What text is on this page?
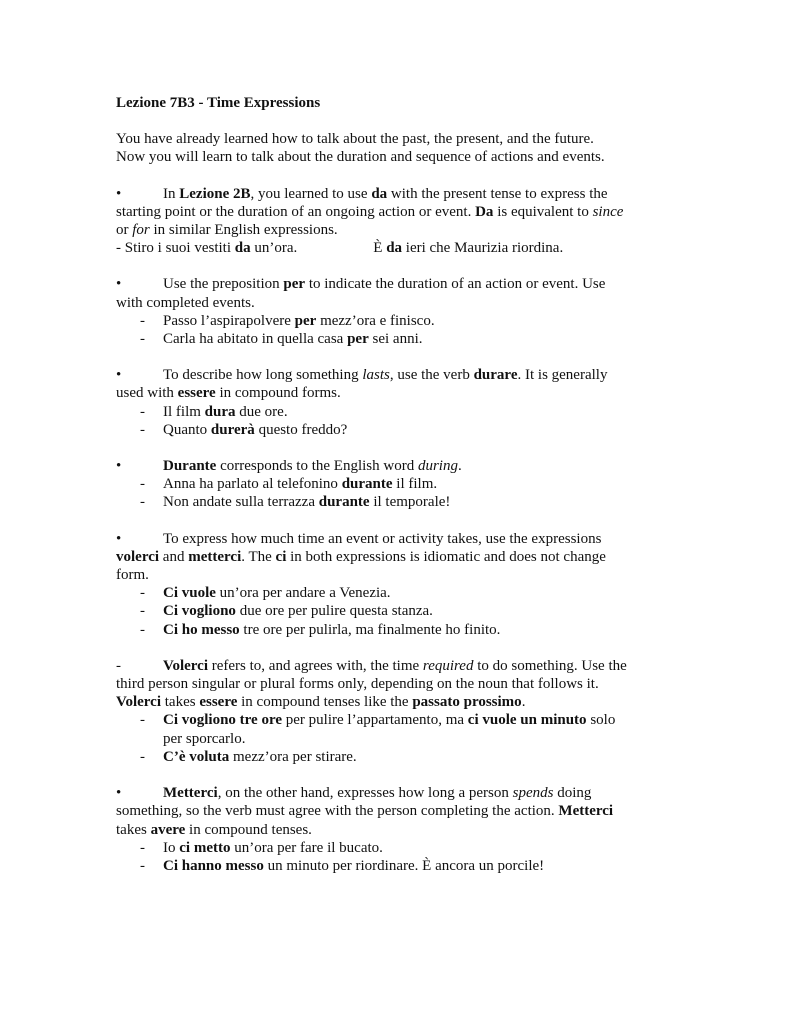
Lezione 7B3 - Time Expressions
You have already learned how to talk about the past, the present, and the future.
Now you will learn to talk about the duration and sequence of actions and events.
•	In Lezione 2B, you learned to use da with the present tense to express the
starting point or the duration of an ongoing action or event. Da is equivalent to since
or for in similar English expressions.
- Stiro i suoi vestiti da un’ora.	È da ieri che Maurizia riordina.
•	Use the preposition per to indicate the duration of an action or event. Use
with completed events.
- Passo l’aspirapolvere per mezz’ora e finisco.
- Carla ha abitato in quella casa per sei anni.
•	To describe how long something lasts, use the verb durare. It is generally
used with essere in compound forms.
- Il film dura due ore.
- Quanto durerà questo freddo?
•	Durante corresponds to the English word during.
- Anna ha parlato al telefonino durante il film.
- Non andate sulla terrazza durante il temporale!
•	To express how much time an event or activity takes, use the expressions
volerci and metterci. The ci in both expressions is idiomatic and does not change
form.
- Ci vuole un’ora per andare a Venezia.
- Ci vogliono due ore per pulire questa stanza.
- Ci ho messo tre ore per pulirla, ma finalmente ho finito.
-	Volerci refers to, and agrees with, the time required to do something. Use the
third person singular or plural forms only, depending on the noun that follows it.
Volerci takes essere in compound tenses like the passato prossimo.
- Ci vogliono tre ore per pulire l’appartamento, ma ci vuole un minuto solo
per sporcarlo.
- C’è voluta mezz’ora per stirare.
•	Metterci, on the other hand, expresses how long a person spends doing
something, so the verb must agree with the person completing the action. Metterci
takes avere in compound tenses.
- Io ci metto un’ora per fare il bucato.
- Ci hanno messo un minuto per riordinare. È ancora un porcile!
